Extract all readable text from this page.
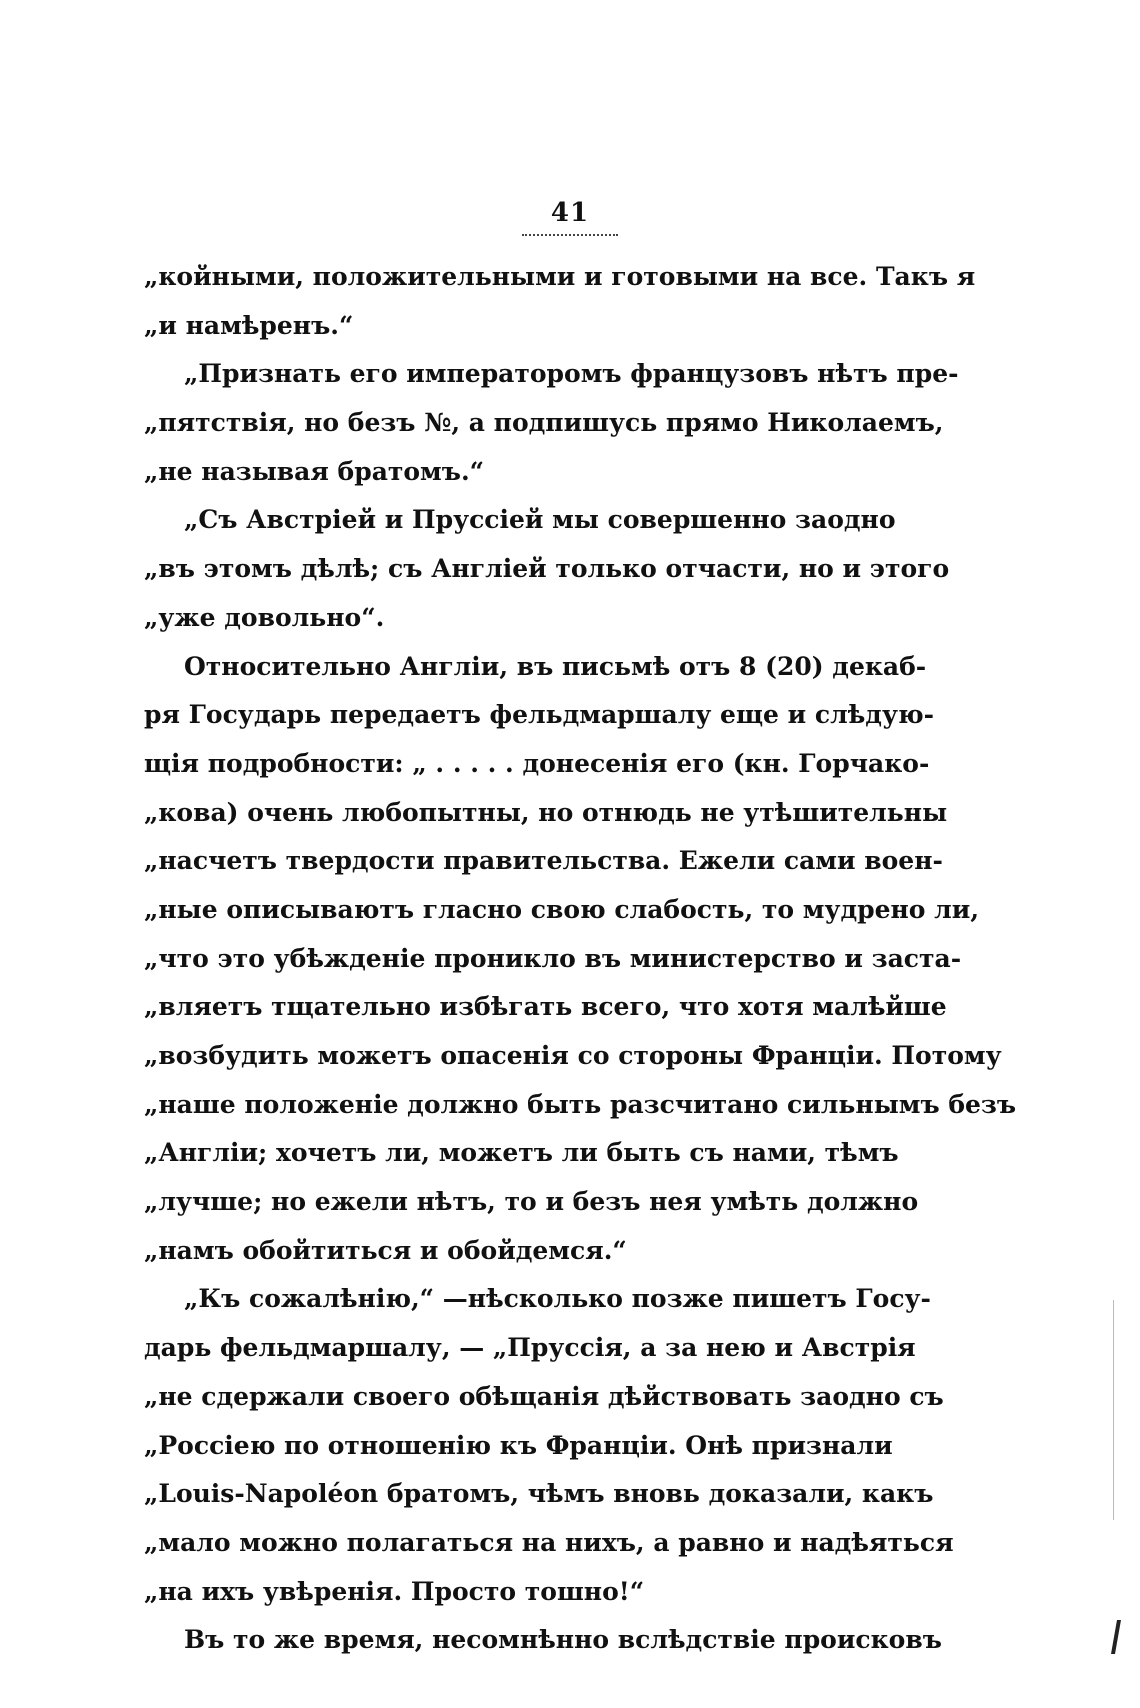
41
„койными, положительными и готовыми на все. Такъ я
„и намѣренъ.“
„Признать его императоромъ французовъ нѣтъ пре-
„пятствія, но безъ №, а подпишусь прямо Николаемъ,
„не называя братомъ.“
„Съ Австріей и Пруссіей мы совершенно заодно
„въ этомъ дѣлѣ; съ Англіей только отчасти, но и этого
„уже довольно“.
Относительно Англіи, въ письмѣ отъ 8 (20) декаб-
ря Государь передаетъ фельдмаршалу еще и слѣдую-
щія подробности: „ . . . . . донесенія его (кн. Горчако-
„кова) очень любопытны, но отнюдь не утѣшительны
„насчетъ твердости правительства. Ежели сами воен-
„ные описываютъ гласно свою слабость, то мудрено ли,
„что это убѣжденіе проникло въ министерство и заста-
„вляетъ тщательно избѣгать всего, что хотя малѣйше
„возбудить можетъ опасенія со стороны Франціи. Потому
„наше положеніе должно быть разсчитано сильнымъ безъ
„Англіи; хочетъ ли, можетъ ли быть съ нами, тѣмъ
„лучше; но ежели нѣтъ, то и безъ нея умѣть должно
„намъ обойтиться и обойдемся.“
„Къ сожалѣнію,“ —нѣсколько позже пишетъ Госу-
дарь фельдмаршалу, — „Пруссія, а за нею и Австрія
„не сдержали своего обѣщанія дѣйствовать заодно съ
„Россіею по отношенію къ Франціи. Онѣ признали
„Louis-Napoléon братомъ, чѣмъ вновь доказали, какъ
„мало можно полагаться на нихъ, а равно и надѣяться
„на ихъ увѣренія. Просто тошно!“
Въ то же время, несомнѣнно вслѣдствіе происковъ
